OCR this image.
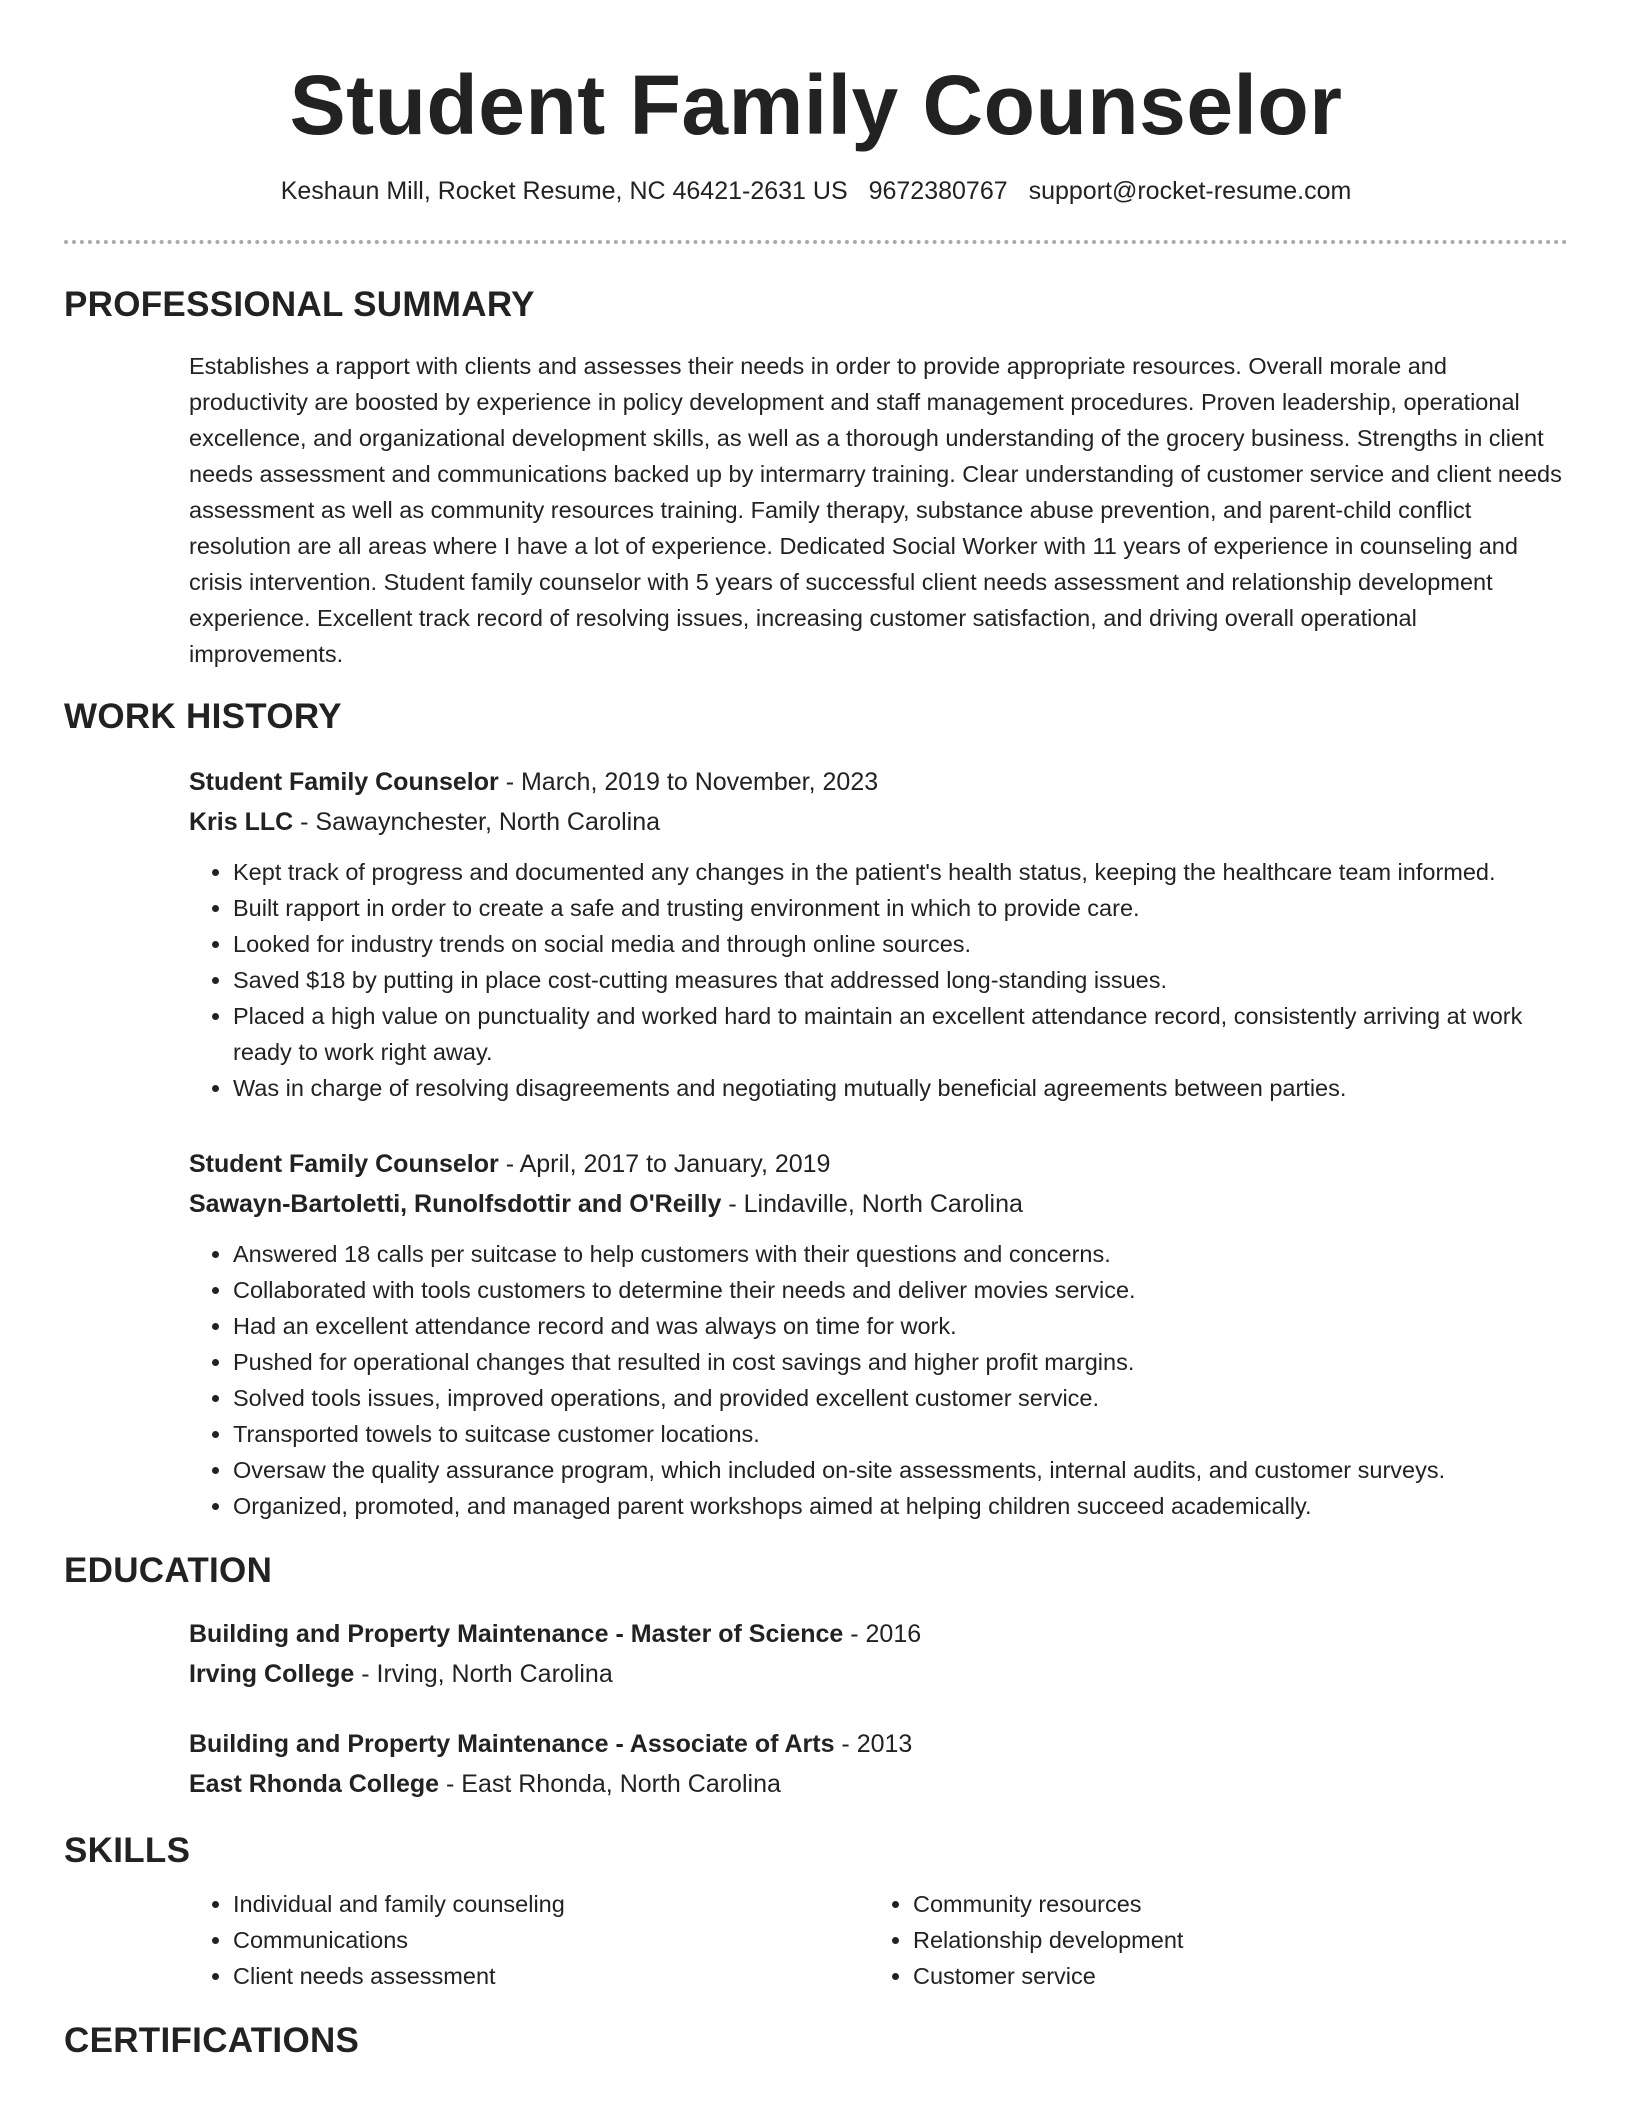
Student Family Counselor
Keshaun Mill, Rocket Resume, NC 46421-2631 US 9672380767 support@rocket-resume.com
PROFESSIONAL SUMMARY

Establishes a rapport with clients and assesses their needs in order to provide appropriate resources. Overall morale and productivity are boosted by experience in policy development and staff management procedures. Proven leadership, operational excellence, and organizational development skills, as well as a thorough understanding of the grocery business. Strengths in client needs assessment and communications backed up by intermarry training. Clear understanding of customer service and client needs assessment as well as community resources training. Family therapy, substance abuse prevention, and parent-child conflict resolution are all areas where I have a lot of experience. Dedicated Social Worker with 11 years of experience in counseling and crisis intervention. Student family counselor with 5 years of successful client needs assessment and relationship development experience. Excellent track record of resolving issues, increasing customer satisfaction, and driving overall operational improvements.

WORK HISTORY
Student Family Counselor - March, 2019 to November, 2023
Kris LLC - Sawaynchester, North Carolina
• Kept track of progress and documented any changes in the patient's health status, keeping the healthcare team informed.
• Built rapport in order to create a safe and trusting environment in which to provide care.
• Looked for industry trends on social media and through online sources.
• Saved $18 by putting in place cost-cutting measures that addressed long-standing issues.
• Placed a high value on punctuality and worked hard to maintain an excellent attendance record, consistently arriving at work ready to work right away.
• Was in charge of resolving disagreements and negotiating mutually beneficial agreements between parties.
Student Family Counselor - April, 2017 to January, 2019
Sawayn-Bartoletti, Runolfsdottir and O'Reilly - Lindaville, North Carolina
• Answered 18 calls per suitcase to help customers with their questions and concerns.
• Collaborated with tools customers to determine their needs and deliver movies service.
• Had an excellent attendance record and was always on time for work.
• Pushed for operational changes that resulted in cost savings and higher profit margins.
• Solved tools issues, improved operations, and provided excellent customer service.
• Transported towels to suitcase customer locations.
• Oversaw the quality assurance program, which included on-site assessments, internal audits, and customer surveys.
• Organized, promoted, and managed parent workshops aimed at helping children succeed academically.
EDUCATION
Building and Property Maintenance - Master of Science - 2016
Irving College - Irving, North Carolina
Building and Property Maintenance - Associate of Arts - 2013
East Rhonda College - East Rhonda, North Carolina
SKILLS
• Individual and family counseling
• Communications
• Client needs assessment
• Community resources
• Relationship development
• Customer service
CERTIFICATIONS
